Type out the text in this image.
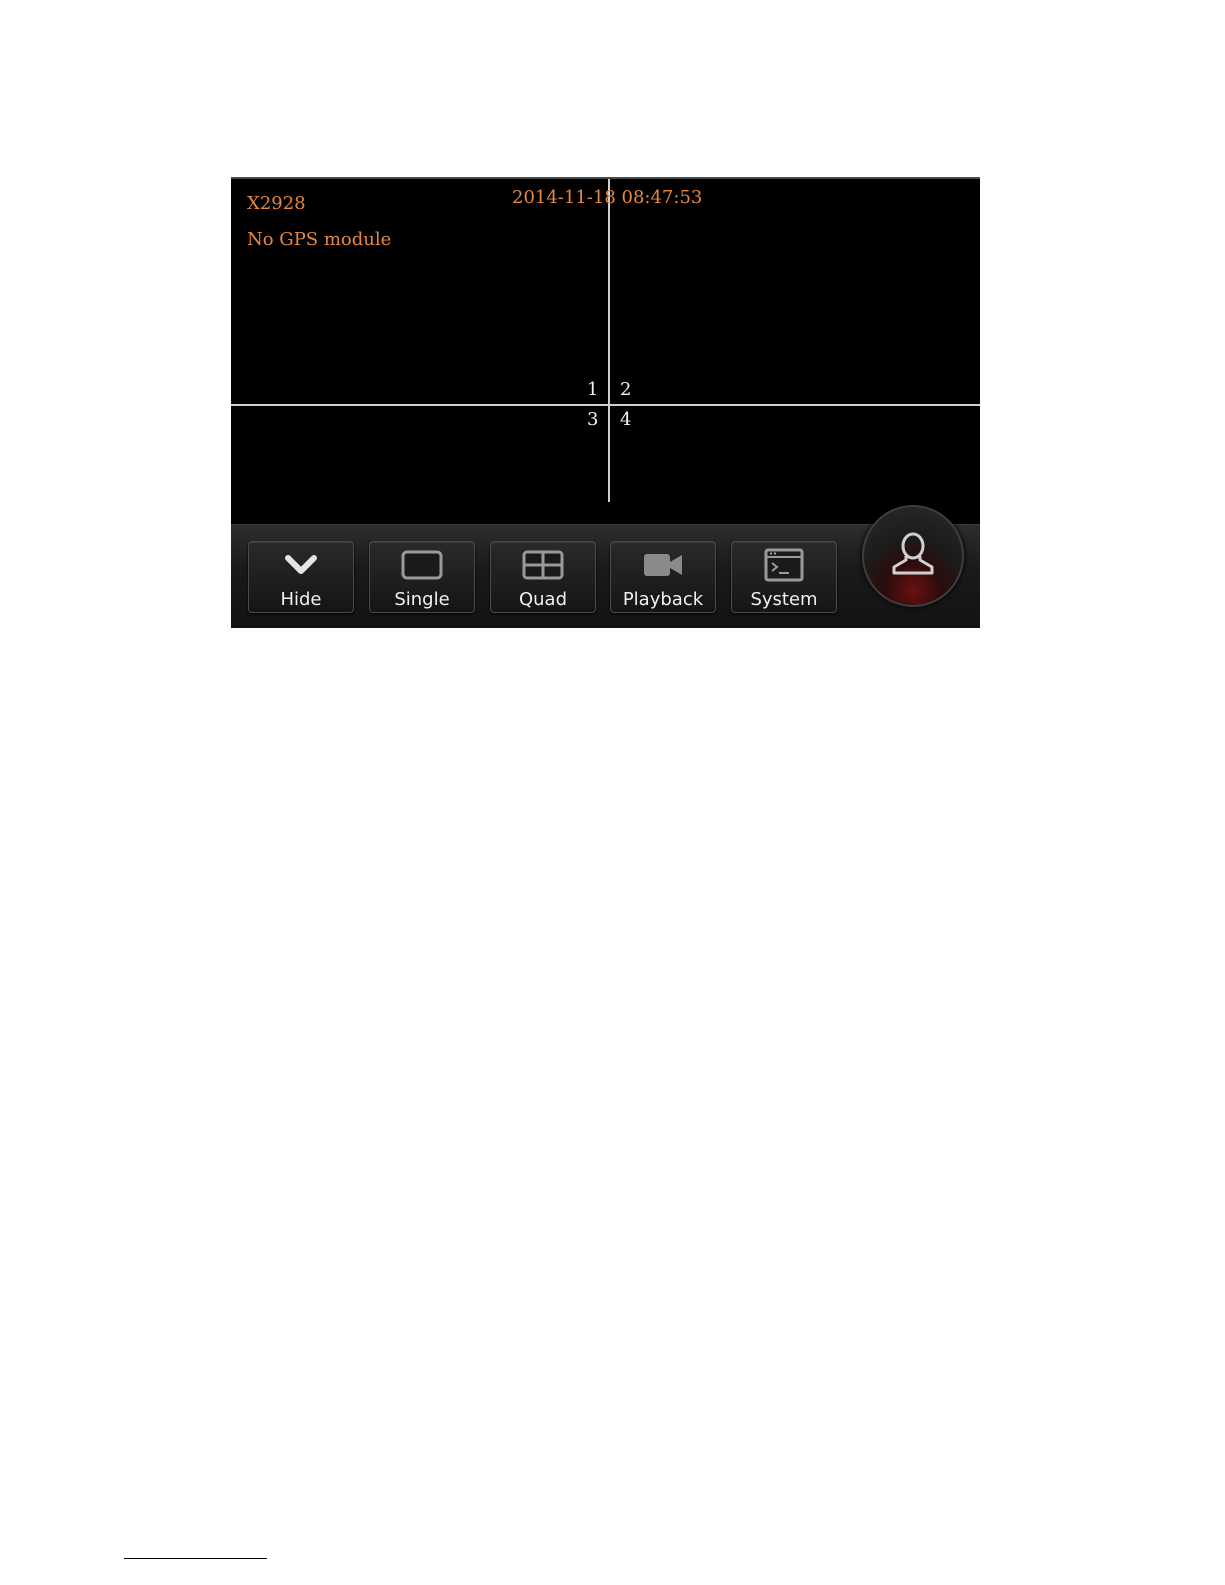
X2928
No GPS module
2014-11-18 08:47:53
1 2
3 4
Hide	Single	Quad	Playback	System
